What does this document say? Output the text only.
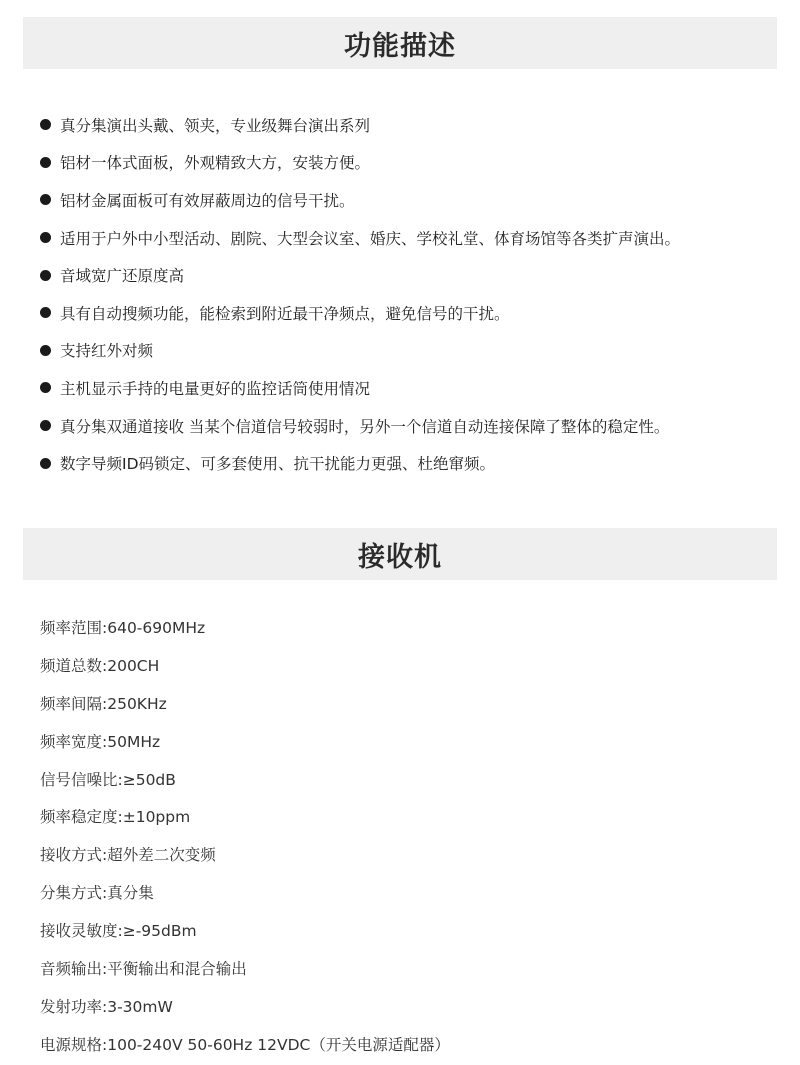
功能描述
真分集演出头戴、领夹，专业级舞台演出系列
铝材一体式面板，外观精致大方，安装方便。
铝材金属面板可有效屏蔽周边的信号干扰。
适用于户外中小型活动、剧院、大型会议室、婚庆、学校礼堂、体育场馆等各类扩声演出。
音域宽广还原度高
具有自动搜频功能，能检索到附近最干净频点，避免信号的干扰。
支持红外对频
主机显示手持的电量更好的监控话筒使用情况
真分集双通道接收 当某个信道信号较弱时，另外一个信道自动连接保障了整体的稳定性。
数字导频ID码锁定、可多套使用、抗干扰能力更强、杜绝窜频。
接收机
频率范围:640-690MHz
频道总数:200CH
频率间隔:250KHz
频率宽度:50MHz
信号信噪比:≥50dB
频率稳定度:±10ppm
接收方式:超外差二次变频
分集方式:真分集
接收灵敏度:≥-95dBm
音频输出:平衡输出和混合输出
发射功率:3-30mW
电源规格:100-240V 50-60Hz 12VDC（开关电源适配器）
